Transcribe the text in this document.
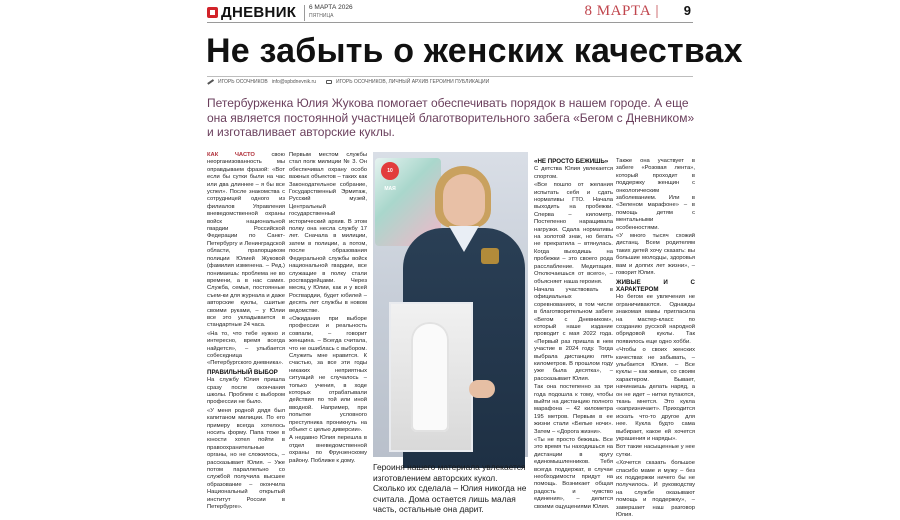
ДНЕВНИК 6 МАРТА 2026
ПЯТНИЦА	8 МАРТА | 9
Не забыть о женских качествах
ИГОРЬ ОСОЧНИКОВ info@spbdnevnik.ru	ИГОРЬ ОСОЧНИКОВ, ЛИЧНЫЙ АРХИВ ГЕРОИНИ ПУБЛИКАЦИИ

Петербурженка Юлия Жукова помогает обеспечивать порядок в нашем городе. А еще она является постоянной участницей благотворительного забега «Бегом с Дневником» и изготавливает авторские куклы.

КАК ЧАСТО свою неорганизованность мы оправдываем фразой: «Вот если бы сутки были на час или два длиннее – я бы все успел». После знакомства с сотрудницей одного из филиалов Управления вневедомственной охраны войск национальной гвардии Российской Федерации по Санкт-Петербургу и Ленинградской области, прапорщиком полиции Юлией Жуковой (фамилия изменена. – Ред.) понимаешь: проблема не во времени, а в нас самих. Служба, семья, постоянные съем-ки для журнала и даже авторские куклы, сшитые своими руками, – у Юлии все это укладывается в стандартные 24 часа.

«На то, что тебе нужно и интересно, время всегда найдется», – улыбается собеседница «Петербургского дневника».

ПРАВИЛЬНЫЙ ВЫБОР

На службу Юлия пришла сразу после окончания школы. Проблем с выбором профессии не было.

«У меня родной дядя был капитаном милиции. По его примеру всегда хотелось носить форму. Папа тоже в юности хотел пойти в правоохранительные органы, но не сложилось, – рассказывает Юлия. – Уже потом параллельно со службой получила высшее образование – окончила Национальный открытый институт России в Петербурге».

Первым местом службы стал полк милиции № 3. Он обеспечивал охрану особо важных объектов – таких как Законодательное собрание, Государственный Эрмитаж, Русский музей, Центральный государственный исторический архив. В этом полку она несла службу 17 лет. Сначала в милиции, затем в полиции, а потом, после образования Федеральной службы войск национальной гвардии, все служащие в полку стали росгвардейцами. Через месяц у Юлии, как и у всей Росгвардии, будет юбилей – десять лет службы в новом ведомстве.

«Ожидания при выборе профессии и реальность совпали, – говорит женщина. – Всегда считала, что не ошиблась с выбором. Служить мне нравится. К счастью, за все эти годы никаких неприятных ситуаций не случалось – только учения, в ходе которых отрабатывали действия по той или иной вводной. Например, при попытке условного преступника проникнуть на объект с целью диверсии».

А недавно Юлия перешла в отдел вневедомственной охраны по Фрунзенскому району. Поближе к дому.

10 МАЯ

Героиня нашего материала увлекается изготовлением авторских кукол. Сколько их сделала – Юлия никогда не считала. Дома остается лишь малая часть, остальные она дарит.

«НЕ ПРОСТО БЕЖИШЬ»

С детства Юлия увлекается спортом.

«Все пошло от желания испытать себя и сдать нормативы ГТО. Начала выходить на пробежки. Сперва – километр. Постепенно наращивала нагрузки. Сдала нормативы на золотой знак, но бегать не прекратила – втянулась. Когда выходишь на пробежки – это своего рода расслабление. Медитация. Отключаешься от всего», – объясняет наша героиня.

Начала участвовать в официальных соревнованиях, в том числе в благотворительном забеге «Бегом с Дневником», который наше издание проводит с мая 2022 года. «Первый раз пришла в нем участие в 2024 году. Тогда выбрала дистанцию пять километров. В прошлом году уже была десятка», – рассказывает Юлия.

Так она постепенно за три года подошла к тому, чтобы выйти на дистанцию полного марафона – 42 километра 195 метров. Первым в ее жизни стали «Белые ночи». Затем – «Дорога жизни».

«Ты не просто бежишь. Все это время ты находишься на дистанции в кругу единомышленников. Тебя всегда поддержат, в случае необходимости придут на помощь. Возникает общая радость и чувство единения», – делится своими ощущениями Юлия.

Также она участвует в забеге «Розовая лента», который проходит в поддержку женщин с онкологическим заболеванием. Или в «Зеленом марафоне» – в помощь детям с ментальными особенностями.

«У много тысяч схожий дистанц. Всем родителям таких детей хочу сказать: вы большие молодцы, здоровья вам и долгих лет жизни», – говорит Юлия.

ЖИВЫЕ И С ХАРАКТЕРОМ

Но бегом ее увлечения не ограничиваются. Однажды знакомая мамы пригласила на мастер-класс по созданию русской народной обрядовой куклы. Так появилось еще одно хобби.

«Чтобы о своих женских качествах не забывать, – улыбается Юлия. – Все куклы – как живые, со своим характером. Бывает, начинаешь делать наряд, а он не идет – нитки путаются, ткань мнется. Это кукла «капризничает». Приходится искать что-то другое для нее. Кукла будто сама выбирает, какое ей хочется украшения и наряды».

Вот такие насыщенные у нее сутки.

«Хочется сказать большое спасибо маме и мужу – без их поддержки ничего бы не получилось. И руководству на службе оказывают помощь и поддержку», – завершает наш разговор Юлия.
